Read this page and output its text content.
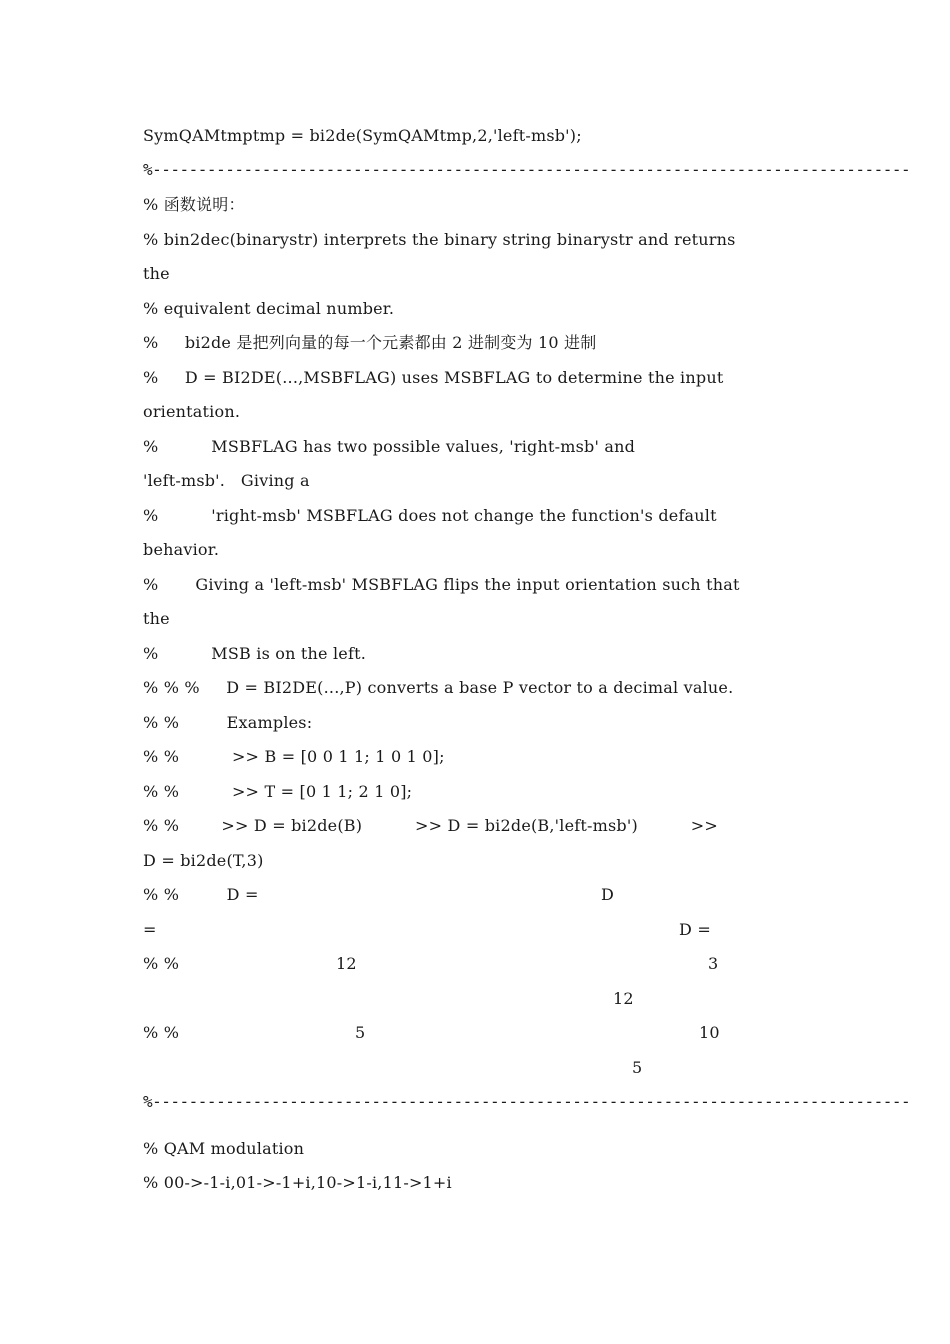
SymQAMtmptmp = bi2de(SymQAMtmp,2,'left-msb');
%-----------------------------------------------------------------------------------
% 函数说明：
% bin2dec(binarystr) interprets the binary string binarystr and returns
the
% equivalent decimal number.
%     bi2de 是把列向量的每一个元素都由 2 进制变为 10 进制
%     D = BI2DE(...,MSBFLAG) uses MSBFLAG to determine the input
orientation.
%          MSBFLAG has two possible values, 'right-msb' and
'left-msb'.   Giving a
%          'right-msb' MSBFLAG does not change the function's default
behavior.
%       Giving a 'left-msb' MSBFLAG flips the input orientation such that
the
%          MSB is on the left.
% % %     D = BI2DE(...,P) converts a base P vector to a decimal value.
% %         Examples:
% %          >> B = [0 0 1 1; 1 0 1 0];
% %          >> T = [0 1 1; 2 1 0];
% %        >> D = bi2de(B)          >> D = bi2de(B,'left-msb')          >>
D = bi2de(T,3)
% %         D =	D
=	D =
% %	12	3
12
% %	5	10
5
%-----------------------------------------------------------------------------------
% QAM modulation
% 00->-1-i,01->-1+i,10->1-i,11->1+i
